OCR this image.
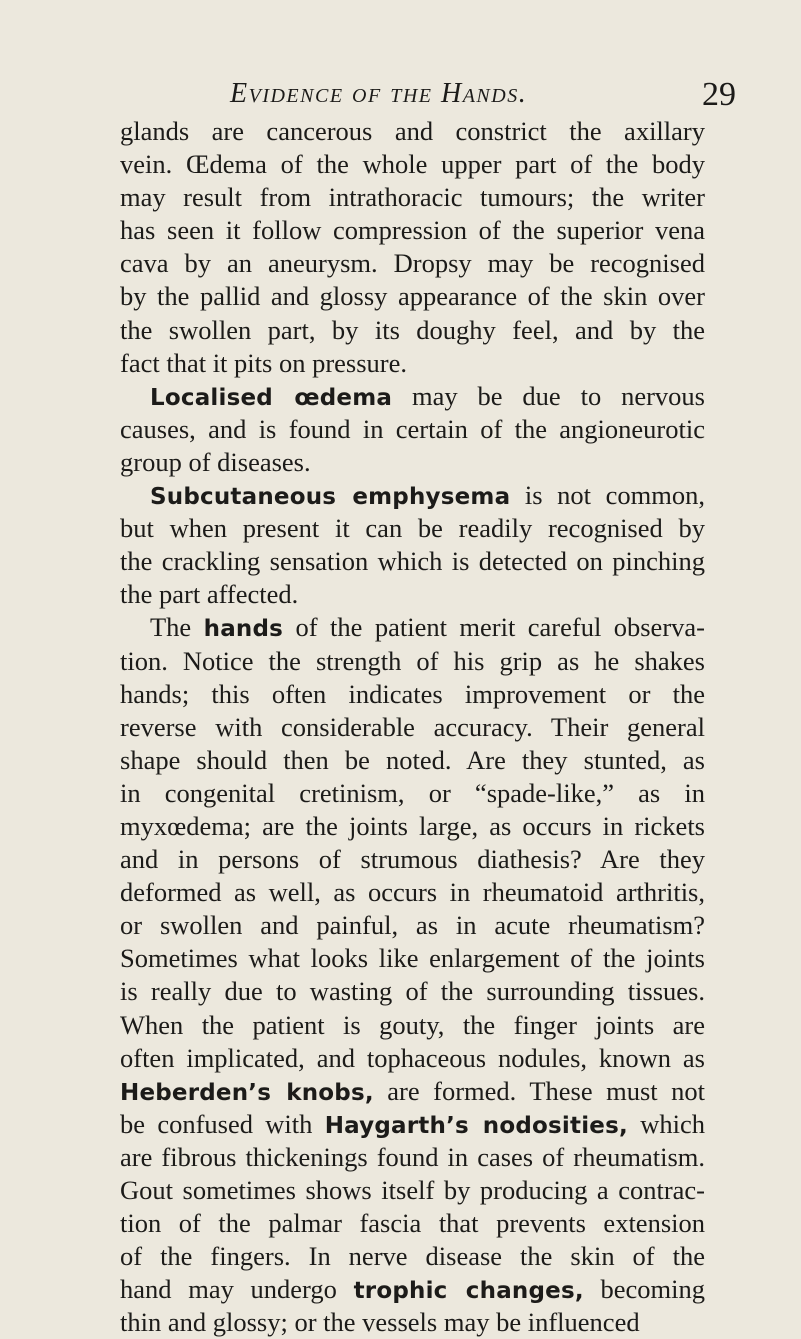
Evidence of the Hands.	29
glands are cancerous and constrict the axillary
vein. Œdema of the whole upper part of the body
may result from intrathoracic tumours; the writer
has seen it follow compression of the superior vena
cava by an aneurysm. Dropsy may be recognised
by the pallid and glossy appearance of the skin over
the swollen part, by its doughy feel, and by the
fact that it pits on pressure.
Localised œdema may be due to nervous
causes, and is found in certain of the angioneurotic
group of diseases.
Subcutaneous emphysema is not common,
but when present it can be readily recognised by
the crackling sensation which is detected on pinching
the part affected.
The hands of the patient merit careful observa-
tion. Notice the strength of his grip as he shakes
hands; this often indicates improvement or the
reverse with considerable accuracy. Their general
shape should then be noted. Are they stunted, as
in congenital cretinism, or “spade-like,” as in
myxœdema; are the joints large, as occurs in rickets
and in persons of strumous diathesis? Are they
deformed as well, as occurs in rheumatoid arthritis,
or swollen and painful, as in acute rheumatism?
Sometimes what looks like enlargement of the joints
is really due to wasting of the surrounding tissues.
When the patient is gouty, the finger joints are
often implicated, and tophaceous nodules, known as
Heberden’s knobs, are formed. These must not
be confused with Haygarth’s nodosities, which
are fibrous thickenings found in cases of rheumatism.
Gout sometimes shows itself by producing a contrac-
tion of the palmar fascia that prevents extension
of the fingers. In nerve disease the skin of the
hand may undergo trophic changes, becoming
thin and glossy; or the vessels may be influenced
